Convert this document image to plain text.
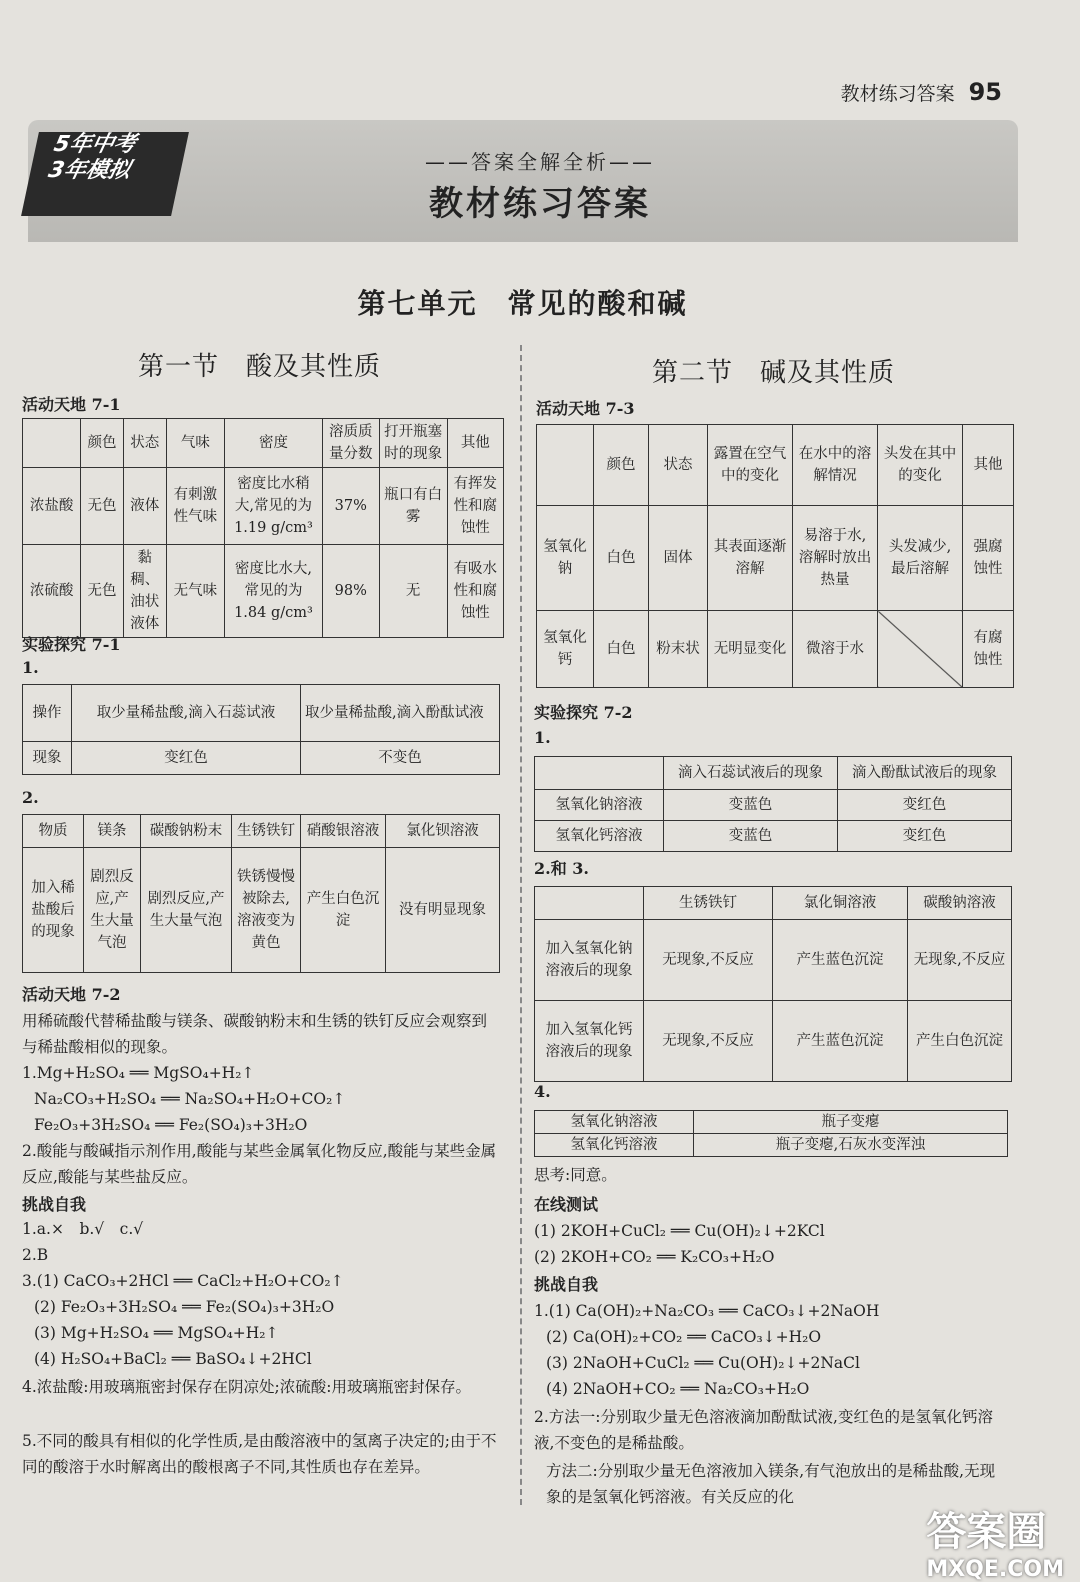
教材练习答案 95
5年中考
3年模拟	——答案全解全析——
教材练习答案
第七单元　常见的酸和碱
第一节　酸及其性质
活动天地 7-1
	颜色	状态	气味	密度	溶质质量分数	打开瓶塞时的现象	其他
浓盐酸	无色	液体	有刺激性气味	密度比水稍大,常见的为1.19 g/cm³	37%	瓶口有白雾	有挥发性和腐蚀性
浓硫酸	无色	黏稠、油状液体	无气味	密度比水大,常见的为1.84 g/cm³	98%	无	有吸水性和腐蚀性
实验探究 7-1
1.
操作	取少量稀盐酸,滴入石蕊试液	取少量稀盐酸,滴入酚酞试液
现象	变红色	不变色
2.
物质	镁条	碳酸钠粉末	生锈铁钉	硝酸银溶液	氯化钡溶液
加入稀盐酸后的现象	剧烈反应,产生大量气泡	剧烈反应,产生大量气泡	铁锈慢慢被除去,溶液变为黄色	产生白色沉淀	没有明显现象
活动天地 7-2
用稀硫酸代替稀盐酸与镁条、碳酸钠粉末和生锈的铁钉反应会观察到与稀盐酸相似的现象。
1.Mg+H₂SO₄ ══ MgSO₄+H₂↑
Na₂CO₃+H₂SO₄ ══ Na₂SO₄+H₂O+CO₂↑
Fe₂O₃+3H₂SO₄ ══ Fe₂(SO₄)₃+3H₂O
2.酸能与酸碱指示剂作用,酸能与某些金属氧化物反应,酸能与某些金属反应,酸能与某些盐反应。
挑战自我
1.a.×　b.√　c.√
2.B
3.(1) CaCO₃+2HCl ══ CaCl₂+H₂O+CO₂↑
(2) Fe₂O₃+3H₂SO₄ ══ Fe₂(SO₄)₃+3H₂O
(3) Mg+H₂SO₄ ══ MgSO₄+H₂↑
(4) H₂SO₄+BaCl₂ ══ BaSO₄↓+2HCl
4.浓盐酸:用玻璃瓶密封保存在阴凉处;浓硫酸:用玻璃瓶密封保存。
5.不同的酸具有相似的化学性质,是由酸溶液中的氢离子决定的;由于不同的酸溶于水时解离出的酸根离子不同,其性质也存在差异。
第二节　碱及其性质
活动天地 7-3
	颜色	状态	露置在空气中的变化	在水中的溶解情况	头发在其中的变化	其他
氢氧化钠	白色	固体	其表面逐渐溶解	易溶于水,溶解时放出热量	头发减少,最后溶解	强腐蚀性
氢氧化钙	白色	粉末状	无明显变化	微溶于水		有腐蚀性
实验探究 7-2
1.
	滴入石蕊试液后的现象	滴入酚酞试液后的现象
氢氧化钠溶液	变蓝色	变红色
氢氧化钙溶液	变蓝色	变红色
2.和 3.
	生锈铁钉	氯化铜溶液	碳酸钠溶液
加入氢氧化钠溶液后的现象	无现象,不反应	产生蓝色沉淀	无现象,不反应
加入氢氧化钙溶液后的现象	无现象,不反应	产生蓝色沉淀	产生白色沉淀
4.
氢氧化钠溶液	瓶子变瘪
氢氧化钙溶液	瓶子变瘪,石灰水变浑浊
思考:同意。
在线测试
(1) 2KOH+CuCl₂ ══ Cu(OH)₂↓+2KCl
(2) 2KOH+CO₂ ══ K₂CO₃+H₂O
挑战自我
1.(1) Ca(OH)₂+Na₂CO₃ ══ CaCO₃↓+2NaOH
(2) Ca(OH)₂+CO₂ ══ CaCO₃↓+H₂O
(3) 2NaOH+CuCl₂ ══ Cu(OH)₂↓+2NaCl
(4) 2NaOH+CO₂ ══ Na₂CO₃+H₂O
2.方法一:分别取少量无色溶液滴加酚酞试液,变红色的是氢氧化钙溶液,不变色的是稀盐酸。
方法二:分别取少量无色溶液加入镁条,有气泡放出的是稀盐酸,无现象的是氢氧化钙溶液。有关反应的化
答案圈
MXQE.COM
